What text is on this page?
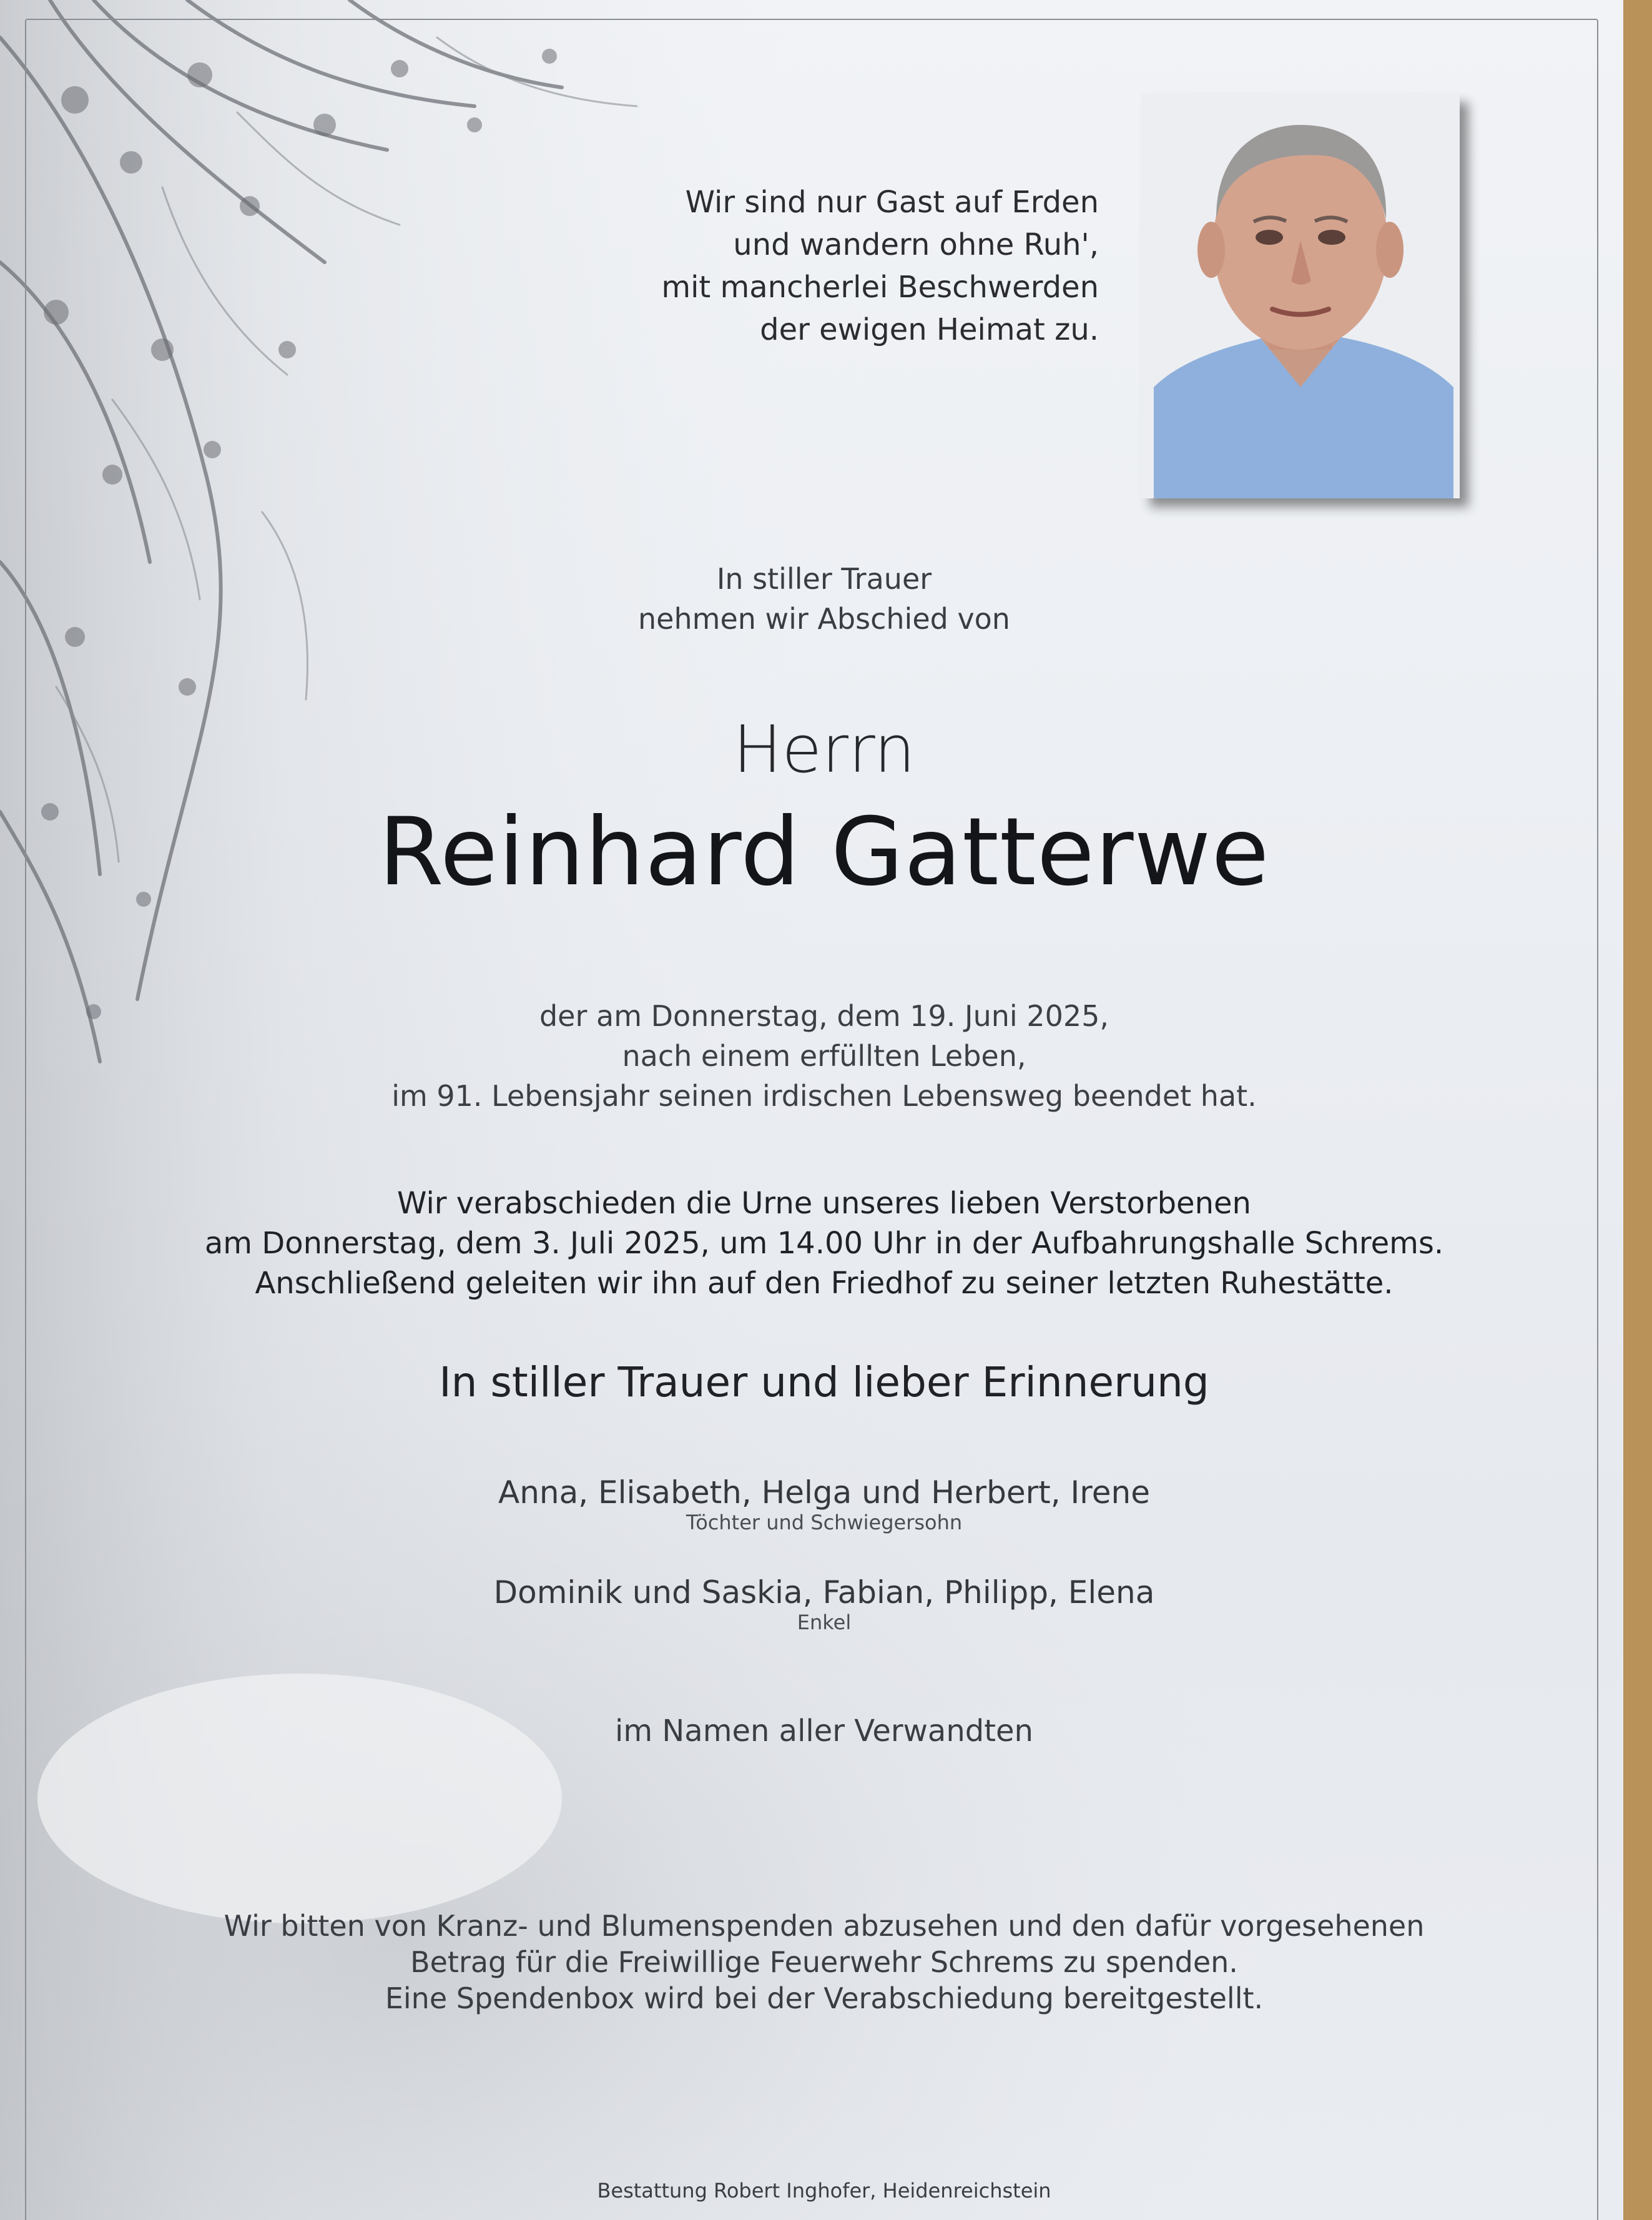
Wir sind nur Gast auf Erden
und wandern ohne Ruh',
mit mancherlei Beschwerden
der ewigen Heimat zu.
In stiller Trauer
nehmen wir Abschied von
Herrn
Reinhard Gatterwe
der am Donnerstag, dem 19. Juni 2025,
nach einem erfüllten Leben,
im 91. Lebensjahr seinen irdischen Lebensweg beendet hat.
Wir verabschieden die Urne unseres lieben Verstorbenen
am Donnerstag, dem 3. Juli 2025, um 14.00 Uhr in der Aufbahrungshalle Schrems.
Anschließend geleiten wir ihn auf den Friedhof zu seiner letzten Ruhestätte.
In stiller Trauer und lieber Erinnerung
Anna, Elisabeth, Helga und Herbert, Irene
Töchter und Schwiegersohn
Dominik und Saskia, Fabian, Philipp, Elena
Enkel
im Namen aller Verwandten
Wir bitten von Kranz- und Blumenspenden abzusehen und den dafür vorgesehenen
Betrag für die Freiwillige Feuerwehr Schrems zu spenden.
Eine Spendenbox wird bei der Verabschiedung bereitgestellt.
Bestattung Robert Inghofer, Heidenreichstein
